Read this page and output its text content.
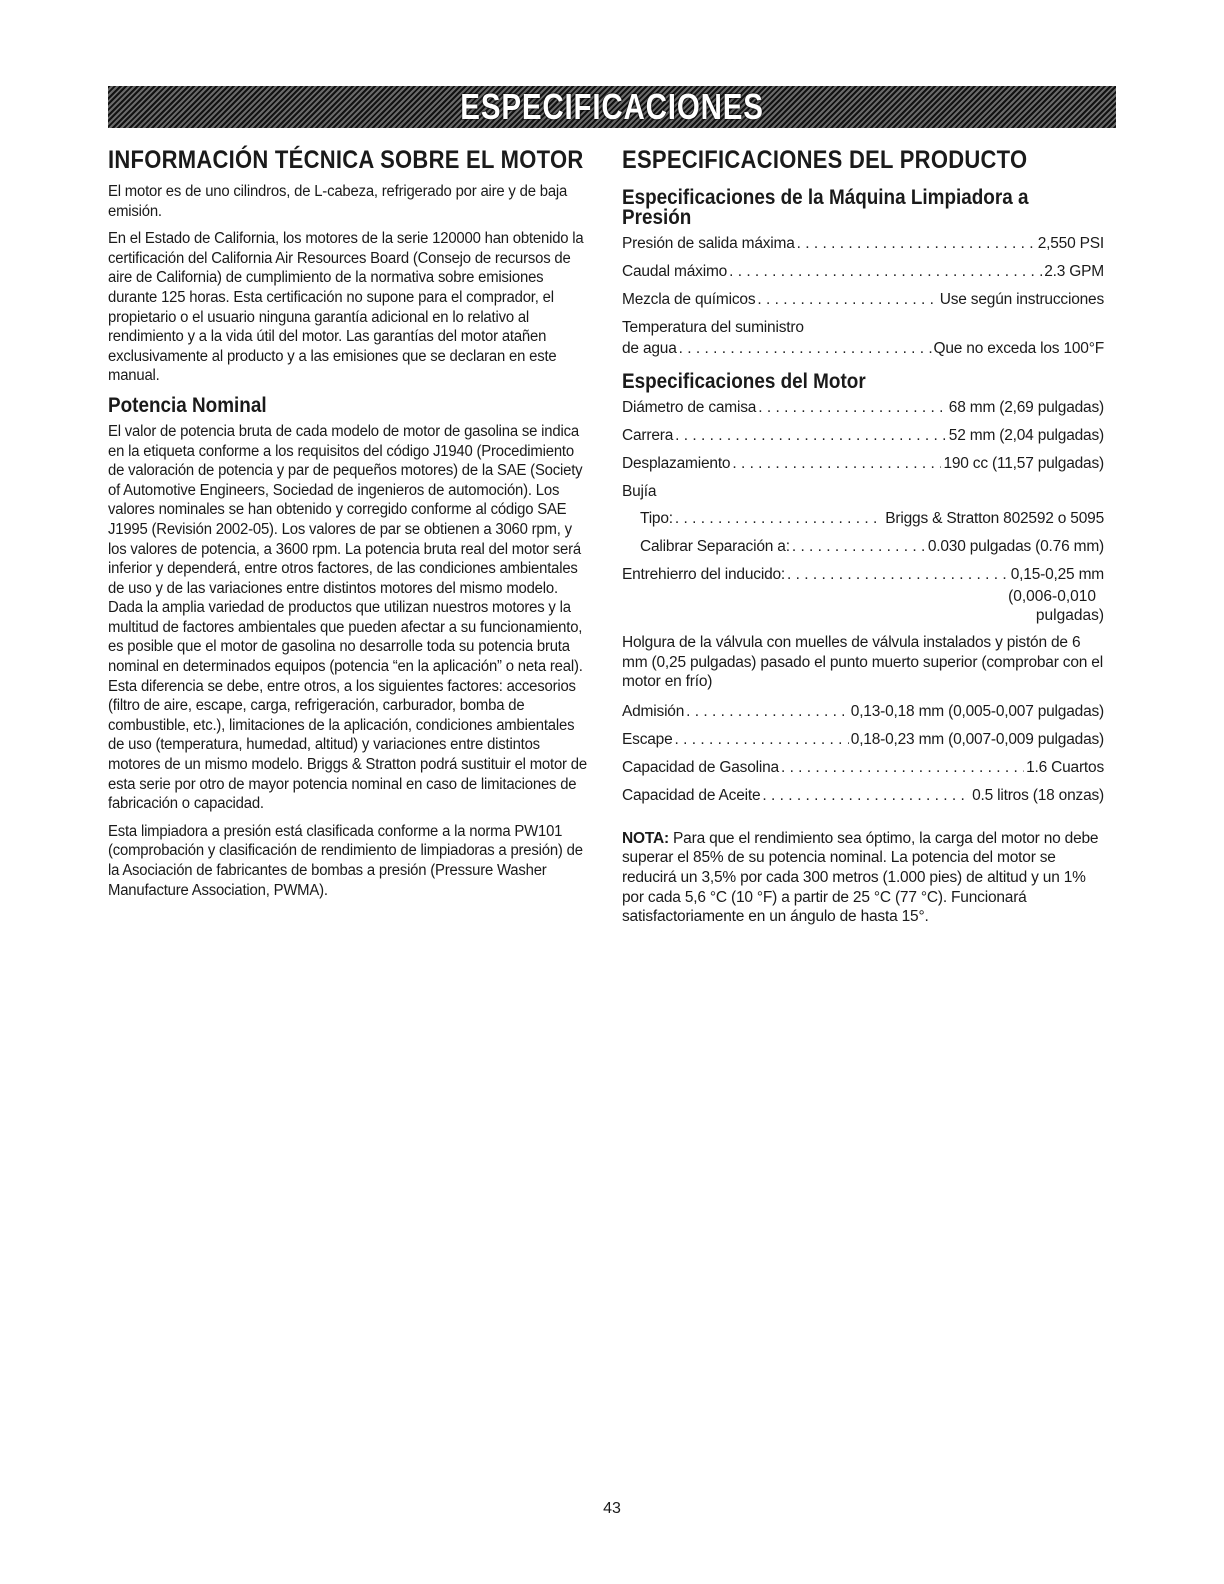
ESPECIFICACIONES
INFORMACIÓN TÉCNICA SOBRE EL MOTOR

El motor es de uno cilindros, de L-cabeza, refrigerado por aire y de baja emisión.

En el Estado de California, los motores de la serie 120000 han obtenido la certificación del California Air Resources Board (Consejo de recursos de aire de California) de cumplimiento de la normativa sobre emisiones durante 125 horas. Esta certificación no supone para el comprador, el propietario o el usuario ninguna garantía adicional en lo relativo al rendimiento y a la vida útil del motor. Las garantías del motor atañen exclusivamente al producto y a las emisiones que se declaran en este manual.

Potencia Nominal

El valor de potencia bruta de cada modelo de motor de gasolina se indica en la etiqueta conforme a los requisitos del código J1940 (Procedimiento de valoración de potencia y par de pequeños motores) de la SAE (Society of Automotive Engineers, Sociedad de ingenieros de automoción). Los valores nominales se han obtenido y corregido conforme al código SAE J1995 (Revisión 2002-05). Los valores de par se obtienen a 3060 rpm, y los valores de potencia, a 3600 rpm. La potencia bruta real del motor será inferior y dependerá, entre otros factores, de las condiciones ambientales de uso y de las variaciones entre distintos motores del mismo modelo. Dada la amplia variedad de productos que utilizan nuestros motores y la multitud de factores ambientales que pueden afectar a su funcionamiento, es posible que el motor de gasolina no desarrolle toda su potencia bruta nominal en determinados equipos (potencia “en la aplicación” o neta real). Esta diferencia se debe, entre otros, a los siguientes factores: accesorios (filtro de aire, escape, carga, refrigeración, carburador, bomba de combustible, etc.), limitaciones de la aplicación, condiciones ambientales de uso (temperatura, humedad, altitud) y variaciones entre distintos motores de un mismo modelo. Briggs & Stratton podrá sustituir el motor de esta serie por otro de mayor potencia nominal en caso de limitaciones de fabricación o capacidad.

Esta limpiadora a presión está clasificada conforme a la norma PW101 (comprobación y clasificación de rendimiento de limpiadoras a presión) de la Asociación de fabricantes de bombas a presión (Pressure Washer Manufacture Association, PWMA).

ESPECIFICACIONES DEL PRODUCTO
Especificaciones de la Máquina Limpiadora a Presión
Presión de salida máxima . . .	2,550 PSI
Caudal máximo . . .	2.3 GPM
Mezcla de químicos . . .	Use según instrucciones
Temperatura del suministro
de agua . . .	Que no exceda los 100°F
Especificaciones del Motor
Diámetro de camisa . . .	68 mm (2,69 pulgadas)
Carrera . . .	52 mm (2,04 pulgadas)
Desplazamiento . . .	190 cc (11,57 pulgadas)
Bujía
Tipo: . . .	Briggs & Stratton 802592 o 5095
Calibrar Separación a: . . .	0.030 pulgadas (0.76 mm)
Entrehierro del inducido: . . .	0,15-0,25 mm
(0,006-0,010
pulgadas)

Holgura de la válvula con muelles de válvula instalados y pistón de 6 mm (0,25 pulgadas) pasado el punto muerto superior (comprobar con el motor en frío)

Admisión . . .	0,13-0,18 mm (0,005-0,007 pulgadas)
Escape . . .	0,18-0,23 mm (0,007-0,009 pulgadas)
Capacidad de Gasolina . . .	1.6 Cuartos
Capacidad de Aceite . . .	0.5 litros (18 onzas)

NOTA: Para que el rendimiento sea óptimo, la carga del motor no debe superar el 85% de su potencia nominal. La potencia del motor se reducirá un 3,5% por cada 300 metros (1.000 pies) de altitud y un 1% por cada 5,6 °C (10 °F) a partir de 25 °C (77 °C). Funcionará satisfactoriamente en un ángulo de hasta 15°.

43
